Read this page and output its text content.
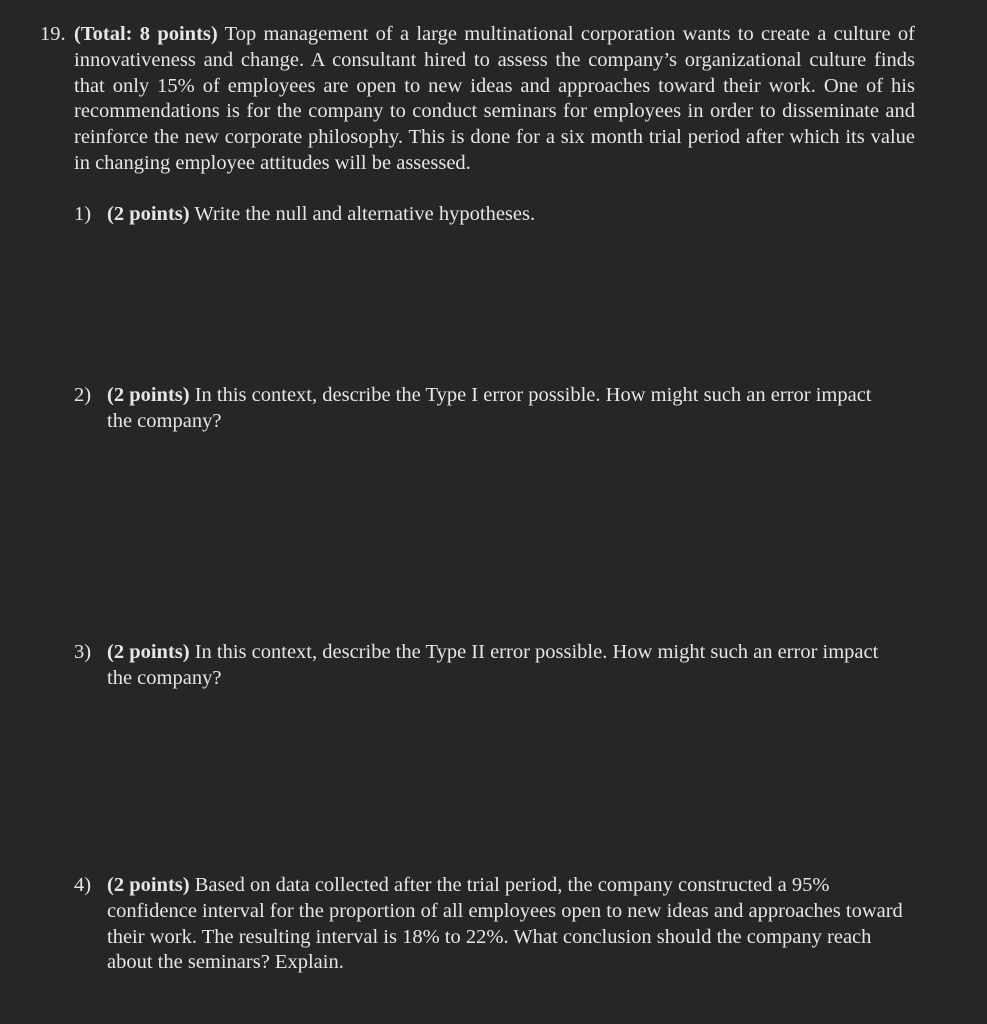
19. (Total: 8 points) Top management of a large multinational corporation wants to create a culture of innovativeness and change. A consultant hired to assess the company’s organizational culture finds that only 15% of employees are open to new ideas and approaches toward their work. One of his recommendations is for the company to conduct seminars for employees in order to disseminate and reinforce the new corporate philosophy. This is done for a six month trial period after which its value in changing employee attitudes will be assessed.

1) (2 points) Write the null and alternative hypotheses.
2) (2 points) In this context, describe the Type I error possible. How might such an error impact the company?
3) (2 points) In this context, describe the Type II error possible. How might such an error impact the company?
4) (2 points) Based on data collected after the trial period, the company constructed a 95% confidence interval for the proportion of all employees open to new ideas and approaches toward their work. The resulting interval is 18% to 22%. What conclusion should the company reach about the seminars? Explain.
